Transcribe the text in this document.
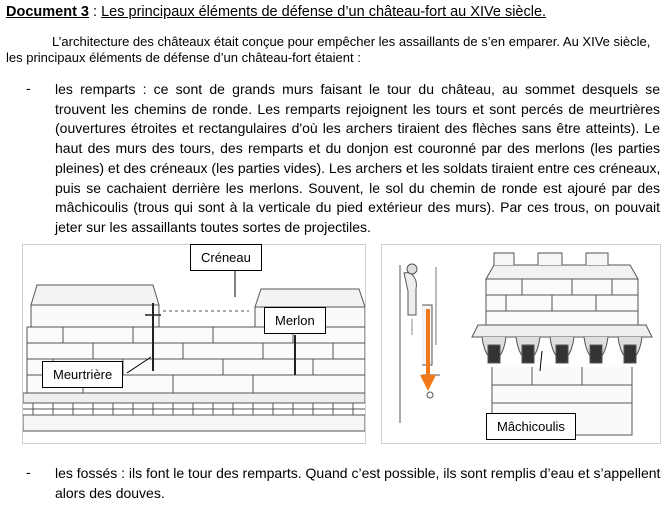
Document 3 : Les principaux éléments de défense d’un château-fort au XIVe siècle.
L’architecture des châteaux était conçue pour empêcher les assaillants de s’en emparer. Au XIVe siècle,
les principaux éléments de défense d’un château-fort étaient :
- les remparts : ce sont de grands murs faisant le tour du château, au sommet desquels se
trouvent les chemins de ronde. Les remparts rejoignent les tours et sont percés de meurtrières
(ouvertures étroites et rectangulaires d'où les archers tiraient des flèches sans être atteints). Le
haut des murs des tours, des remparts et du donjon est couronné par des merlons (les parties
pleines) et des créneaux (les parties vides). Les archers et les soldats tiraient entre ces créneaux,
puis se cachaient derrière les merlons. Souvent, le sol du chemin de ronde est ajouré par des
mâchicoulis (trous qui sont à la verticale du pied extérieur des murs). Par ces trous, on pouvait
jeter sur les assaillants toutes sortes de projectiles.
Créneau
Merlon
Meurtrière
Mâchicoulis
- les fossés : ils font le tour des remparts. Quand c’est possible, ils sont remplis d’eau et s’appellent
alors des douves.
